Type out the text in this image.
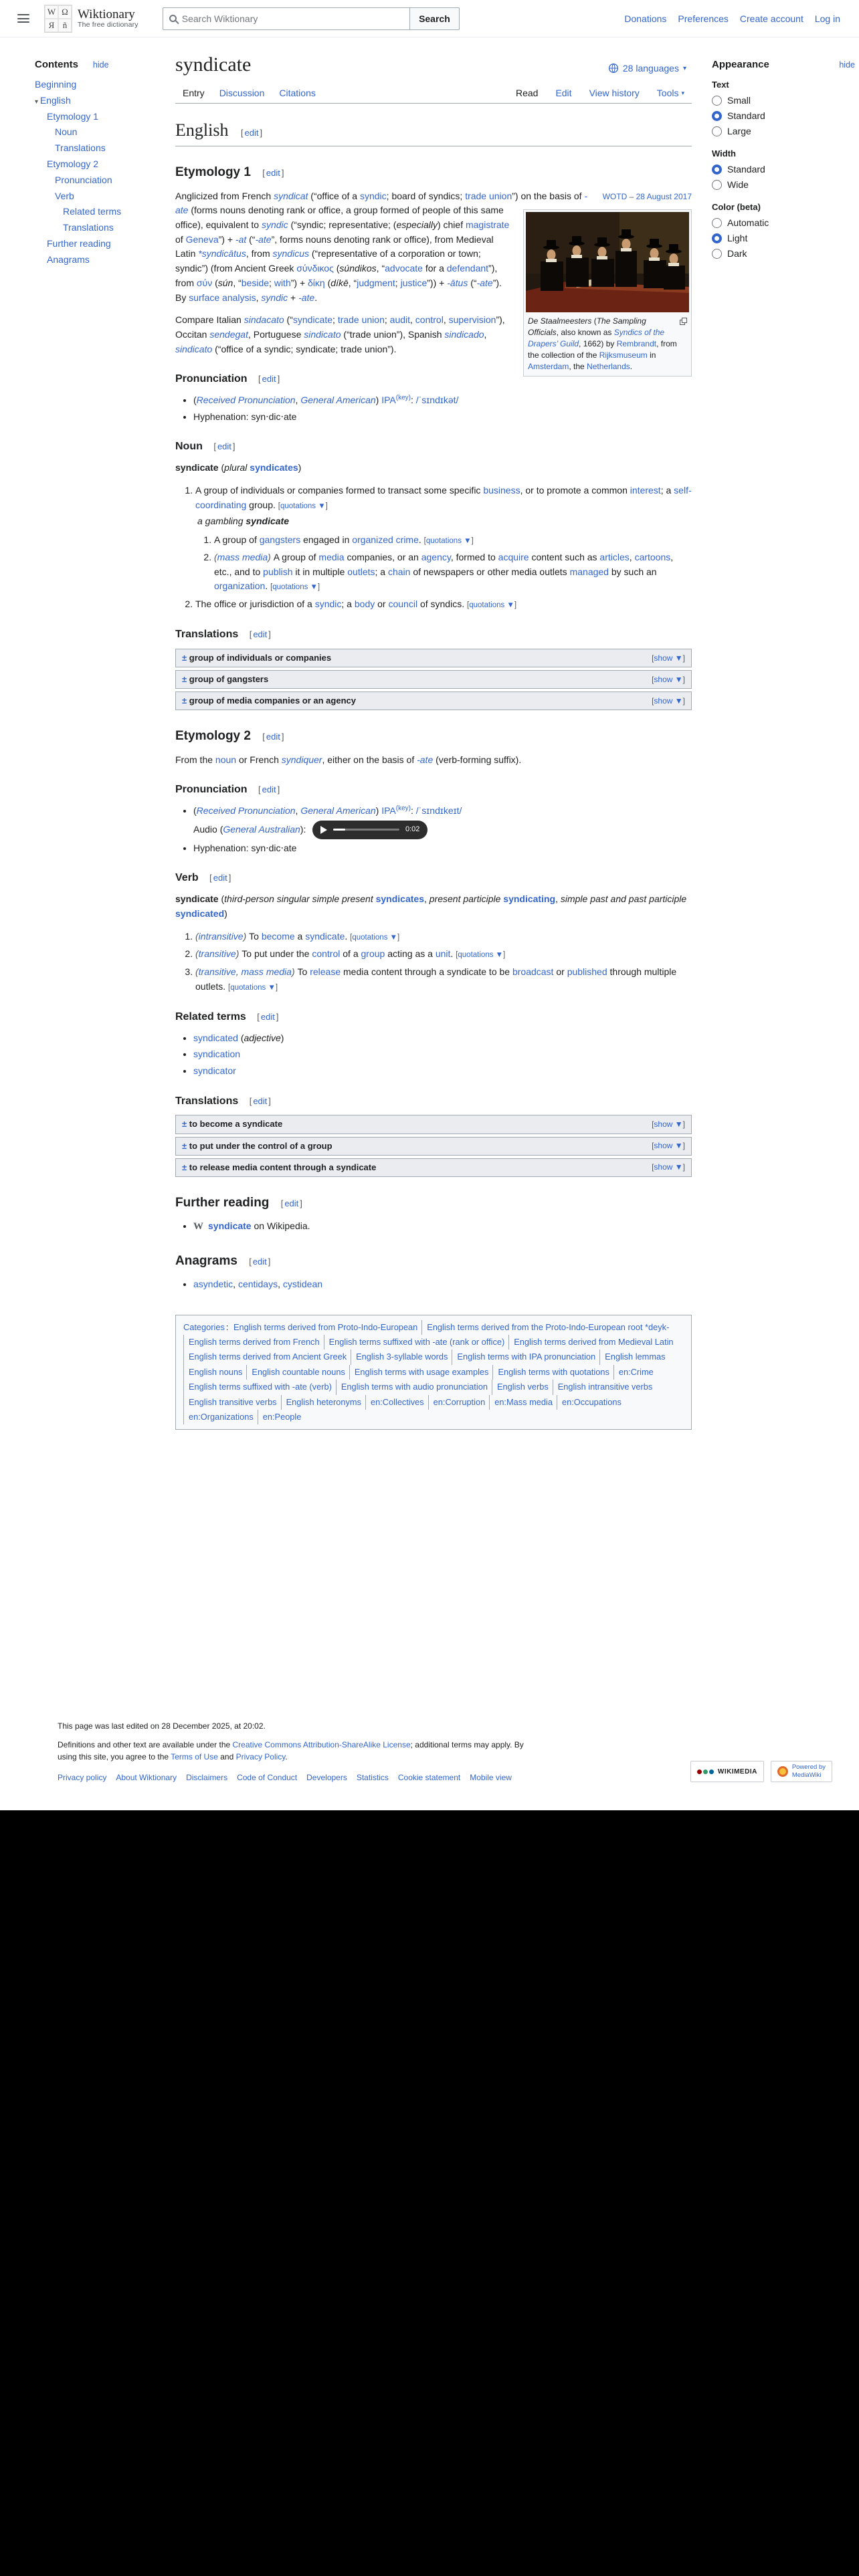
W Ω
Я ñ
Wiktionary
The free dictionary
Search Wiktionary
Search	Donations Preferences Create account Log in
Contents hide
Beginning
▾ English
Etymology 1
Noun
Translations
Etymology 2
Pronunciation
Verb
Related terms
Translations
Further reading
Anagrams
syndicate	28 languages ▾
Entry Discussion Citations	Read Edit View history Tools ▾
English [ edit ]
Etymology 1 [ edit ]
WOTD – 28 August 2017
De Staalmeesters (The Sampling Officials, also known as Syndics of the Drapers’ Guild, 1662) by Rembrandt, from the collection of the Rijksmuseum in Amsterdam, the Netherlands.

Anglicized from French syndicat (“office of a syndic; board of syndics; trade union”) on the basis of -ate (forms nouns denoting rank or office, a group formed of people of this same office), equivalent to syndic (“syndic; representative; (especially) chief magistrate of Geneva”) + -at (“-ate”, forms nouns denoting rank or office), from Medieval Latin *syndicātus, from syndicus (“representative of a corporation or town; syndic”) (from Ancient Greek σύνδικος (súndikos, “advocate for a defendant”), from σύν (sún, “beside; with”) + δίκη (díkē, “judgment; justice”)) + -ātus (“-ate”). By surface analysis, syndic + -ate.

Compare Italian sindacato (“syndicate; trade union; audit, control, supervision”), Occitan sendegat, Portuguese sindicato (“trade union”), Spanish sindicado, sindicato (“office of a syndic; syndicate; trade union”).

Pronunciation [ edit ]
• (Received Pronunciation, General American) $IPA^{(key)}$: /ˈsɪndɪkət/
• Hyphenation: syn‧dic‧ate
Noun [ edit ]

syndicate (plural syndicates)

1. A group of individuals or companies formed to transact some specific business, or to promote a common interest; a self-coordinating group. [quotations ▼]
a gambling syndicate
1. A group of gangsters engaged in organized crime. [quotations ▼]
2. (mass media) A group of media companies, or an agency, formed to acquire content such as articles, cartoons, etc., and to publish it in multiple outlets; a chain of newspapers or other media outlets managed by such an organization. [quotations ▼]
2. The office or jurisdiction of a syndic; a body or council of syndics. [quotations ▼]
Translations [ edit ]
± group of individuals or companies	[show ▼]
± group of gangsters	[show ▼]
± group of media companies or an agency	[show ▼]
Etymology 2 [ edit ]

From the noun or French syndiquer, either on the basis of -ate (verb-forming suffix).

Pronunciation [ edit ]
• (Received Pronunciation, General American) $IPA^{(key)}$: /ˈsɪndɪkeɪt/
Audio (General Australian):	0:02
• Hyphenation: syn‧dic‧ate
Verb [ edit ]

syndicate (third-person singular simple present syndicates, present participle syndicating, simple past and past participle syndicated)

1. (intransitive) To become a syndicate. [quotations ▼]
2. (transitive) To put under the control of a group acting as a unit. [quotations ▼]
3. (transitive, mass media) To release media content through a syndicate to be broadcast or published through multiple outlets. [quotations ▼]
Related terms [ edit ]
• syndicated (adjective)
• syndication
• syndicator
Translations [ edit ]
± to become a syndicate	[show ▼]
± to put under the control of a group	[show ▼]
± to release media content through a syndicate	[show ▼]
Further reading [ edit ]
• W syndicate on Wikipedia.
Anagrams [ edit ]
• asyndetic, centidays, cystidean
Categories : English terms derived from Proto-Indo-European English terms derived from the Proto-Indo-European root *deyk-English terms derived from French English terms suffixed with -ate (rank or office) English terms derived from Medieval LatinEnglish terms derived from Ancient Greek English 3-syllable words English terms with IPA pronunciation English lemmasEnglish nouns English countable nouns English terms with usage examples English terms with quotations en:CrimeEnglish terms suffixed with -ate (verb) English terms with audio pronunciation English verbs English intransitive verbsEnglish transitive verbs English heteronyms en:Collectives en:Corruption en:Mass media en:Occupationsen:Organizations en:People
Appearance	hide
Text
Small
Standard
Large
Width
Standard
Wide
Color (beta)
Automatic
Light
Dark
This page was last edited on 28 December 2025, at 20:02.
Definitions and other text are available under the Creative Commons Attribution-ShareAlike License; additional terms may apply. By using this site, you agree to the Terms of Use and Privacy Policy.
Privacy policy About Wiktionary Disclaimers Code of Conduct Developers Statistics Cookie statement Mobile view
WIKIMEDIA
Powered by
MediaWiki
